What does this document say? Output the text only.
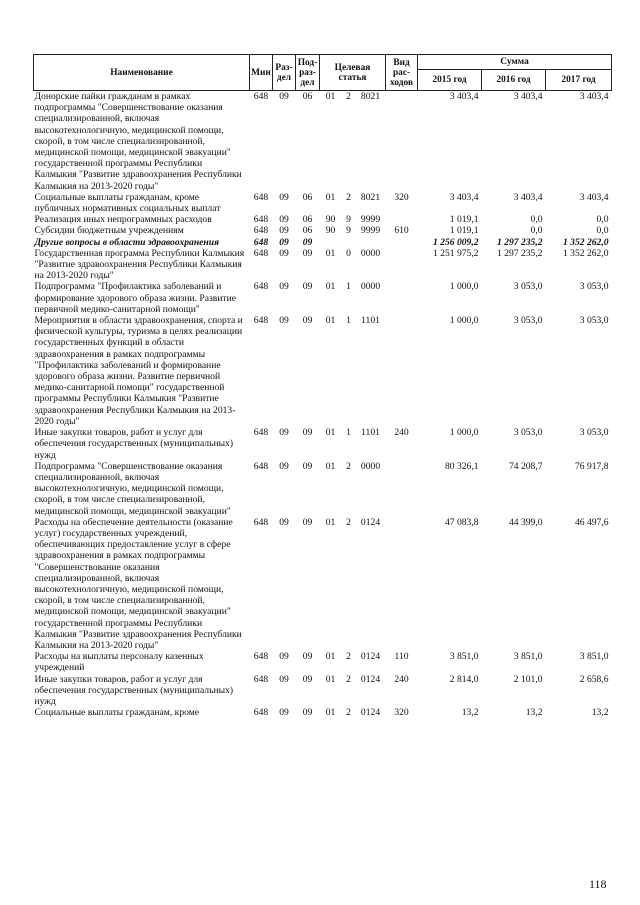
Наименование	Мин	Раз-дел	Под-раз-дел	Целевая статья			Вид рас-ходов	Сумма		
								2015 год	2016 год	2017 год
Донорские пайки гражданам в рамках подпрограммы "Совершенствование оказания специализированной, включая высокотехнологичную, медицинской помощи, скорой, в том числе специализированной, медицинской помощи, медицинской эвакуации" государственной программы Республики Калмыкия "Развитие здравоохранения Республики Калмыкия на 2013-2020 годы"	648	09	06	01	2	8021		3 403,4	3 403,4	3 403,4
Социальные выплаты гражданам, кроме публичных нормативных социальных выплат	648	09	06	01	2	8021	320	3 403,4	3 403,4	3 403,4
Реализация иных непрограммных расходов	648	09	06	90	9	9999		1 019,1	0,0	0,0
Субсидии бюджетным учреждениям	648	09	06	90	9	9999	610	1 019,1	0,0	0,0
Другие вопросы в области здравоохранения	648	09	09					1 256 009,2	1 297 235,2	1 352 262,0
Государственная программа Республики Калмыкия "Развитие здравоохранения Республики Калмыкия на 2013-2020 годы"	648	09	09	01	0	0000		1 251 975,2	1 297 235,2	1 352 262,0
Подпрограмма "Профилактика заболеваний и формирование здорового образа жизни. Развитие первичной медико-санитарной помощи"	648	09	09	01	1	0000		1 000,0	3 053,0	3 053,0
Мероприятия в области здравоохранения, спорта и физической культуры, туризма в целях реализации государственных функций в области здравоохранения в рамках подпрограммы "Профилактика заболеваний и формирование здорового образа жизни. Развитие первичной медико-санитарной помощи" государственной программы Республики Калмыкия "Развитие здравоохранения Республики Калмыкия на 2013-2020 годы"	648	09	09	01	1	1101		1 000,0	3 053,0	3 053,0
Иные закупки товаров, работ и услуг для обеспечения государственных (муниципальных) нужд	648	09	09	01	1	1101	240	1 000,0	3 053,0	3 053,0
Подпрограмма "Совершенствование оказания специализированной, включая высокотехнологичную, медицинской помощи, скорой, в том числе специализированной, медицинской помощи, медицинской эвакуации"	648	09	09	01	2	0000		80 326,1	74 208,7	76 917,8
Расходы на обеспечение деятельности (оказание услуг) государственных учреждений, обеспечивающих предоставление услуг в сфере здравоохранения в рамках подпрограммы "Совершенствование оказания специализированной, включая высокотехнологичную, медицинской помощи, скорой, в том числе специализированной, медицинской помощи, медицинской эвакуации" государственной программы Республики Калмыкия "Развитие здравоохранения Республики Калмыкия на 2013-2020 годы"	648	09	09	01	2	0124		47 083,8	44 399,0	46 497,6
Расходы на выплаты персоналу казенных учреждений	648	09	09	01	2	0124	110	3 851,0	3 851,0	3 851,0
Иные закупки товаров, работ и услуг для обеспечения государственных (муниципальных) нужд	648	09	09	01	2	0124	240	2 814,0	2 101,0	2 658,6
Социальные выплаты гражданам, кроме	648	09	09	01	2	0124	320	13,2	13,2	13,2
118
